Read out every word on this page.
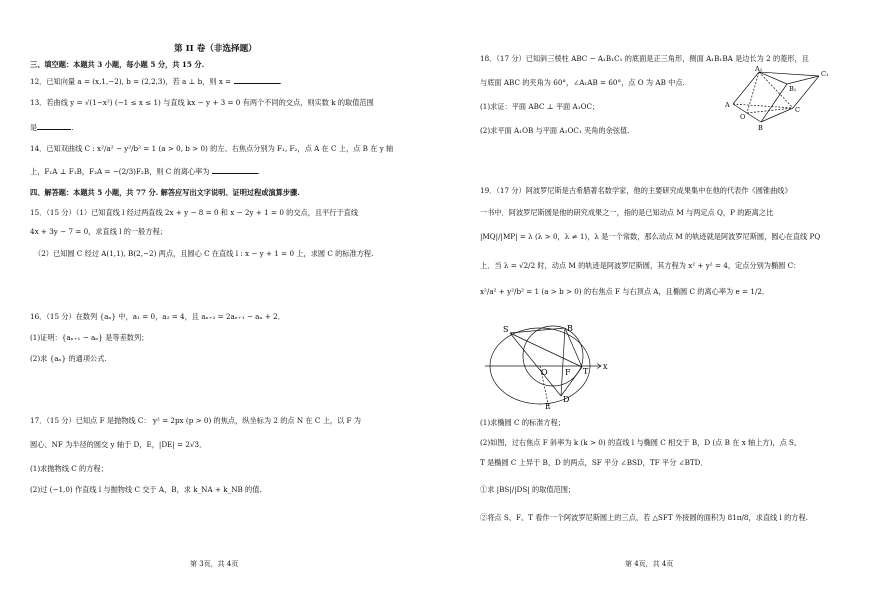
第 II 卷（非选择题）
三、填空题：本题共 3 小题，每小题 5 分，共 15 分.
12．已知向量 a = (x,1,−2), b = (2,2,3)，若 a ⊥ b，则 x =	.
13．若曲线 y = √(1−x²) (−1 ≤ x ≤ 1) 与直线 kx − y + 3 = 0 有两个不同的交点，则实数 k 的取值范围
是	.
14．已知双曲线 C : x²/a² − y²/b² = 1 (a > 0, b > 0) 的左、右焦点分别为 F₁, F₂，点 A 在 C 上，点 B 在 y 轴
上，F₁A ⊥ F₁B，F₂A = −(2/3)F₂B，则 C 的离心率为	.
四、解答题：本题共 5 小题，共 77 分. 解答应写出文字说明、证明过程或演算步骤.
15．（15 分）（1）已知直线 l 经过两直线 2x + y − 8 = 0 和 x − 2y + 1 = 0 的交点，且平行于直线
4x + 3y − 7 = 0，求直线 l 的一般方程；
（2）已知圆 C 经过 A(1,1), B(2,−2) 两点，且圆心 C 在直线 l : x − y + 1 = 0 上，求圆 C 的标准方程.
16．（15 分）在数列 {aₙ} 中，a₁ = 0，a₂ = 4，且 aₙ₊₂ = 2aₙ₊₁ − aₙ + 2．
(1)证明：{aₙ₊₁ − aₙ} 是等差数列；
(2)求 {aₙ} 的通项公式.
17．（15 分）已知点 F 是抛物线 C： y² = 2px (p > 0) 的焦点，纵坐标为 2 的点 N 在 C 上，以 F 为
圆心、NF 为半径的圆交 y 轴于 D，E，|DE| = 2√3．
(1)求抛物线 C 的方程；
(2)过 (−1,0) 作直线 l 与抛物线 C 交于 A，B，求 k_NA + k_NB 的值.
第 3页，共 4页
18．（17 分）已知斜三棱柱 ABC − A₁B₁C₁ 的底面是正三角形，侧面 A₁B₁BA 是边长为 2 的菱形，且
与底面 ABC 的夹角为 60°，∠A₁AB = 60°，点 O 为 AB 中点.
(1)求证：平面 ABC ⊥ 平面 A₁OC；
(2)求平面 A₁OB 与平面 A₁OC₁ 夹角的余弦值.
A₁
C₁
B₁
A
O
C
B
19．（17 分）阿波罗尼斯是古希腊著名数学家，他的主要研究成果集中在他的代表作《圆锥曲线》
一书中．阿波罗尼斯圆是他的研究成果之一，指的是已知动点 M 与两定点 Q，P 的距离之比
|MQ|/|MP| = λ (λ > 0，λ ≠ 1)，λ 是一个常数，那么动点 M 的轨迹就是阿波罗尼斯圆，圆心在直线 PQ
上．当 λ = √2/2 时，动点 M 的轨迹是阿波罗尼斯圆，其方程为 x² + y² = 4，定点分别为椭圆 C：
x²/a² + y²/b² = 1 (a > b > 0) 的右焦点 F 与右顶点 A，且椭圆 C 的离心率为 e = 1/2．
S	B
O F T
x
D
E
(1)求椭圆 C 的标准方程；
(2)如图，过右焦点 F 斜率为 k (k > 0) 的直线 l 与椭圆 C 相交于 B，D (点 B 在 x 轴上方)，点 S，
T 是椭圆 C 上异于 B，D 的两点，SF 平分 ∠BSD，TF 平分 ∠BTD．
①求 |BS|/|DS| 的取值范围；
②将点 S、F、T 看作一个阿波罗尼斯圆上的三点，若 △SFT 外接圆的面积为 81π/8，求直线 l 的方程.
第 4页，共 4页
